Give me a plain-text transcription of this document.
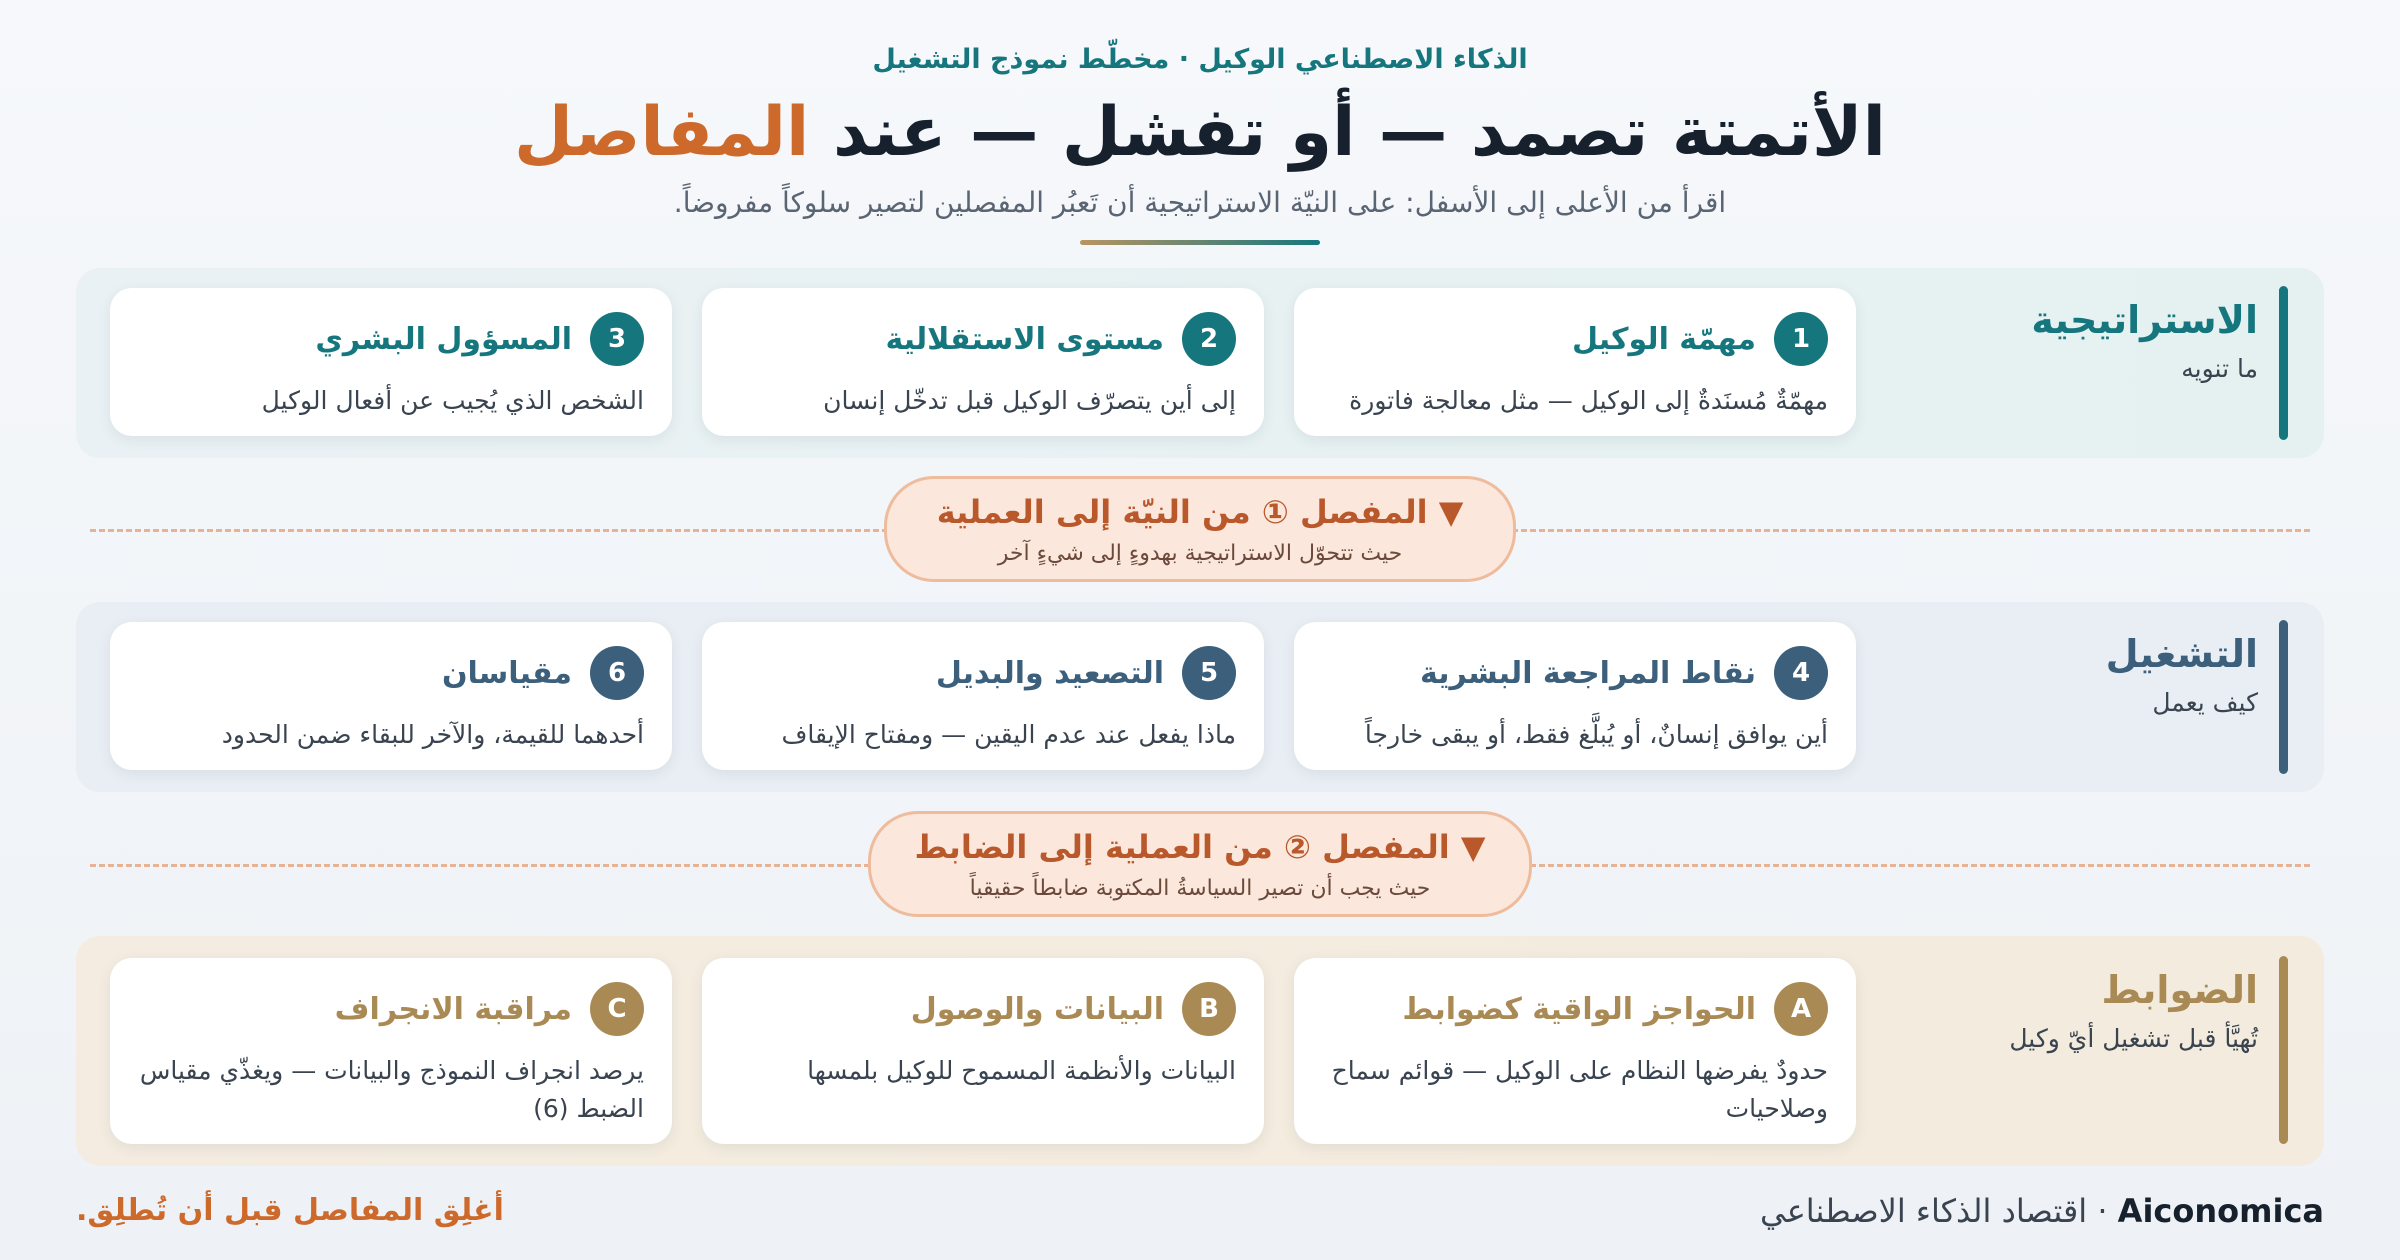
الذكاء الاصطناعي الوكيل · مخطّط نموذج التشغيل
الأتمتة تصمد — أو تفشل — عند المفاصل
اقرأ من الأعلى إلى الأسفل: على النيّة الاستراتيجية أن تَعبُر المفصلين لتصير سلوكاً مفروضاً.
الاستراتيجية
ما تنويه
1
مهمّة الوكيل
مهمّةٌ مُسنَدةٌ إلى الوكيل — مثل معالجة فاتورة
2
مستوى الاستقلالية
إلى أين يتصرّف الوكيل قبل تدخّل إنسان
3
المسؤول البشري
الشخص الذي يُجيب عن أفعال الوكيل
▼ المفصل ① من النيّة إلى العملية
حيث تتحوّل الاستراتيجية بهدوءٍ إلى شيءٍ آخر
التشغيل
كيف يعمل
4
نقاط المراجعة البشرية
أين يوافق إنسانٌ، أو يُبلَّغ فقط، أو يبقى خارجاً
5
التصعيد والبديل
ماذا يفعل عند عدم اليقين — ومفتاح الإيقاف
6
مقياسان
أحدهما للقيمة، والآخر للبقاء ضمن الحدود
▼ المفصل ② من العملية إلى الضابط
حيث يجب أن تصير السياسةُ المكتوبة ضابطاً حقيقياً
الضوابط
تُهيَّأ قبل تشغيل أيّ وكيل
A
الحواجز الواقية كضوابط
حدودٌ يفرضها النظام على الوكيل — قوائم سماح وصلاحيات
B
البيانات والوصول
البيانات والأنظمة المسموح للوكيل بلمسها
C
مراقبة الانجراف
يرصد انجراف النموذج والبيانات — ويغذّي مقياس الضبط (6)
Aiconomica · اقتصاد الذكاء الاصطناعي
أغلِق المفاصل قبل أن تُطلِق.
